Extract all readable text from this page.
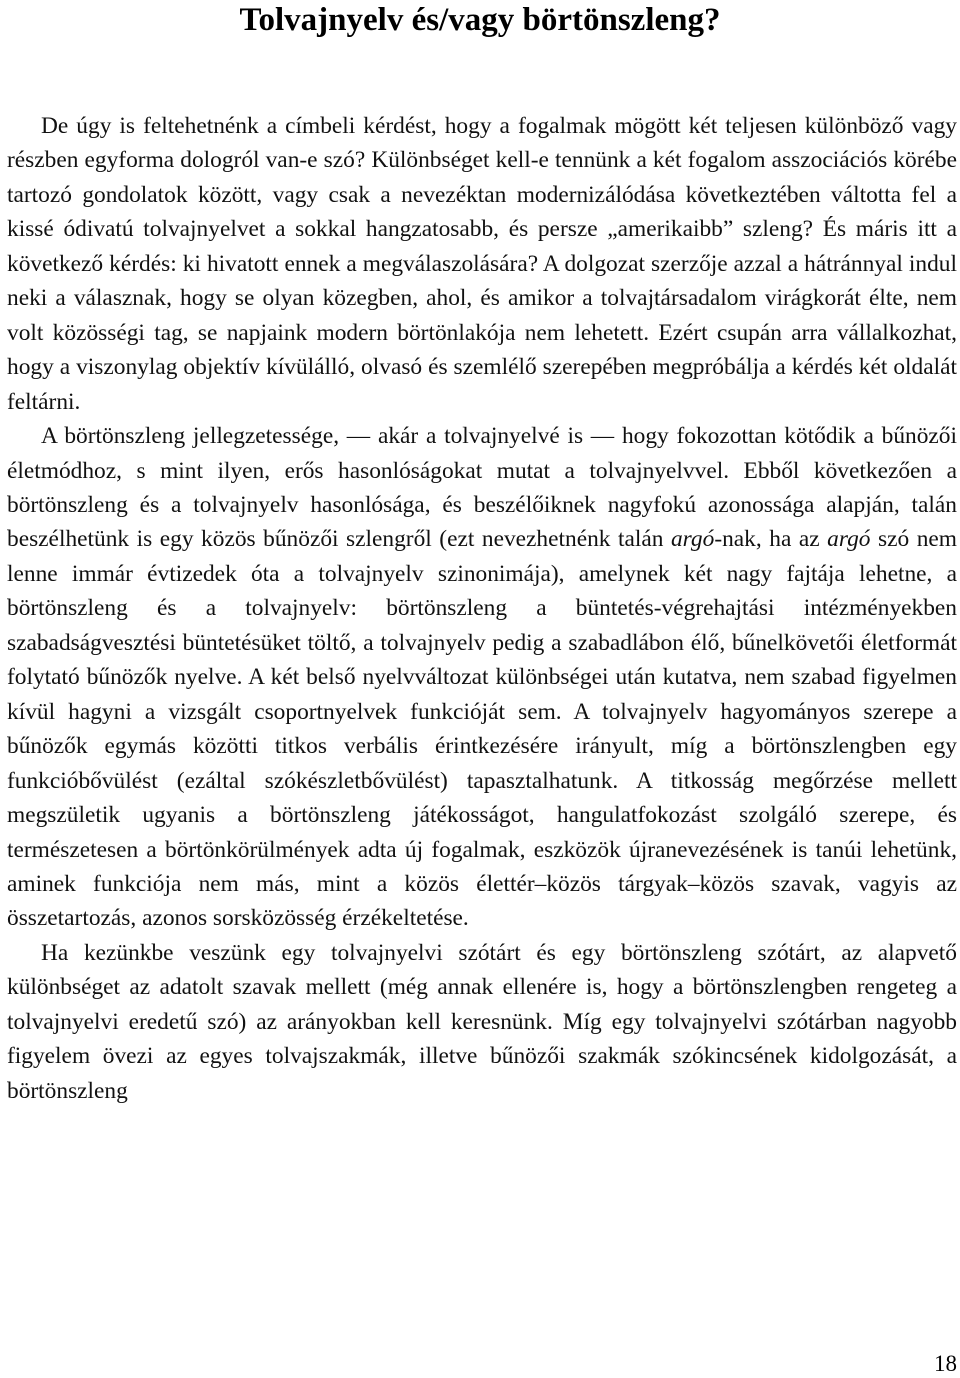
Tolvajnyelv és/vagy börtönszleng?

De úgy is feltehetnénk a címbeli kérdést, hogy a fogalmak mögött két teljesen különböző vagy részben egyforma dologról van-e szó? Különbséget kell-e tennünk a két fogalom asszociációs körébe tartozó gondolatok között, vagy csak a nevezéktan modernizálódása következtében váltotta fel a kissé ódivatú tolvajnyelvet a sokkal hangzatosabb, és persze „amerikaibb” szleng? És máris itt a következő kérdés: ki hivatott ennek a megválaszolására? A dolgozat szerzője azzal a hátránnyal indul neki a válasznak, hogy se olyan közegben, ahol, és amikor a tolvajtársadalom virágkorát élte, nem volt közösségi tag, se napjaink modern börtönlakója nem lehetett. Ezért csupán arra vállalkozhat, hogy a viszonylag objektív kívülálló, olvasó és szemlélő szerepében megpróbálja a kérdés két oldalát feltárni.

A börtönszleng jellegzetessége, — akár a tolvajnyelvé is — hogy fokozottan kötődik a bűnözői életmódhoz, s mint ilyen, erős hasonlóságokat mutat a tolvajnyelvvel. Ebből következően a börtönszleng és a tolvajnyelv hasonlósága, és beszélőiknek nagyfokú azonossága alapján, talán beszélhetünk is egy közös bűnözői szlengről (ezt nevezhetnénk talán argó-nak, ha az argó szó nem lenne immár évtizedek óta a tolvajnyelv szinonimája), amelynek két nagy fajtája lehetne, a börtönszleng és a tolvajnyelv: börtönszleng a büntetés-végrehajtási intézményekben szabadságvesztési büntetésüket töltő, a tolvajnyelv pedig a szabadlábon élő, bűnelkövetői életformát folytató bűnözők nyelve. A két belső nyelvváltozat különbségei után kutatva, nem szabad figyelmen kívül hagyni a vizsgált csoportnyelvek funkcióját sem. A tolvajnyelv hagyományos szerepe a bűnözők egymás közötti titkos verbális érintkezésére irányult, míg a börtönszlengben egy funkcióbővülést (ezáltal szókészletbővülést) tapasztalhatunk. A titkosság megőrzése mellett megszületik ugyanis a börtönszleng játékosságot, hangulatfokozást szolgáló szerepe, és természetesen a börtönkörülmények adta új fogalmak, eszközök újranevezésének is tanúi lehetünk, aminek funkciója nem más, mint a közös élettér–közös tárgyak–közös szavak, vagyis az összetartozás, azonos sorsközösség érzékeltetése.

Ha kezünkbe veszünk egy tolvajnyelvi szótárt és egy börtönszleng szótárt, az alapvető különbséget az adatolt szavak mellett (még annak ellenére is, hogy a börtönszlengben rengeteg a tolvajnyelvi eredetű szó) az arányokban kell keresnünk. Míg egy tolvajnyelvi szótárban nagyobb figyelem övezi az egyes tolvajszakmák, illetve bűnözői szakmák szókincsének kidolgozását, a börtönszleng

18
